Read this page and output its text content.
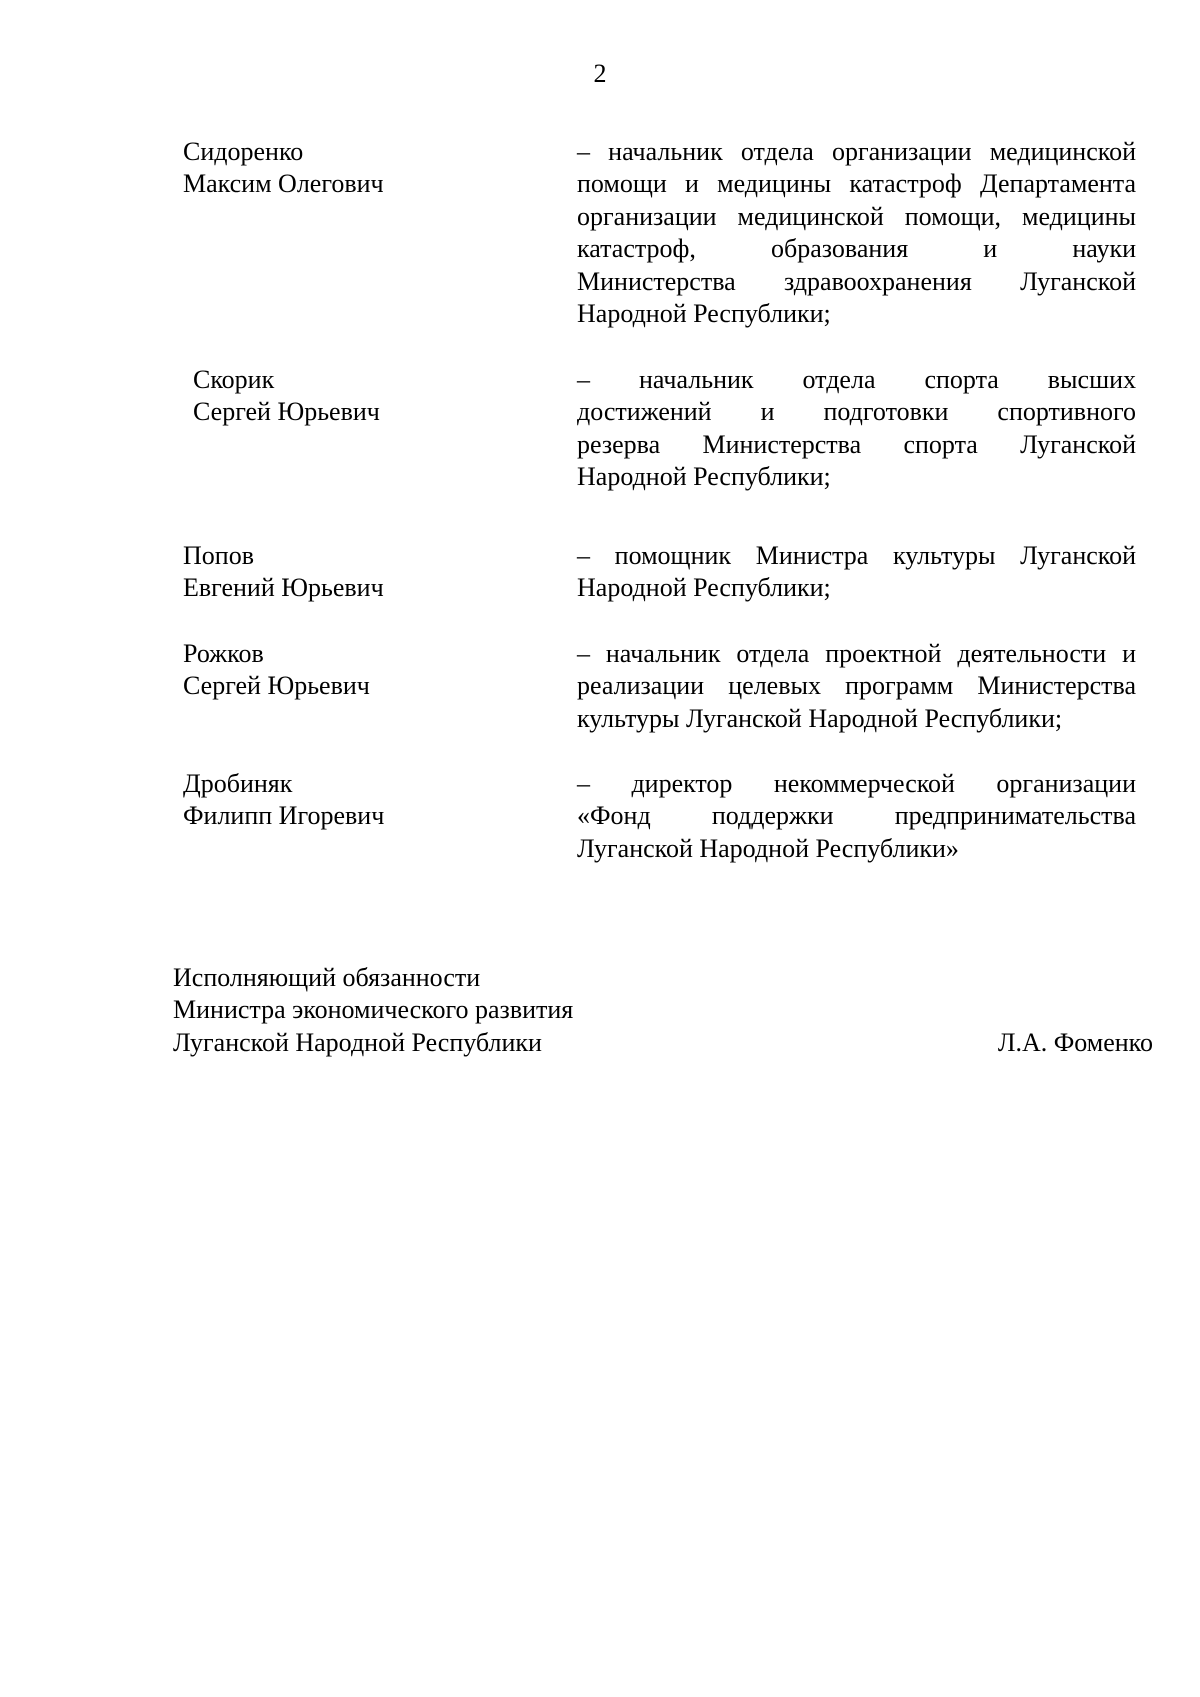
2
Сидоренко
Максим Олегович
– начальник отдела организации медицинской
помощи и медицины катастроф Департамента
организации медицинской помощи, медицины
катастроф, образования и науки
Министерства здравоохранения Луганской
Народной Республики;
Скорик
Сергей Юрьевич
– начальник отдела спорта высших
достижений и подготовки спортивного
резерва Министерства спорта Луганской
Народной Республики;
Попов
Евгений Юрьевич
– помощник Министра культуры Луганской
Народной Республики;
Рожков
Сергей Юрьевич
– начальник отдела проектной деятельности и
реализации целевых программ Министерства
культуры Луганской Народной Республики;
Дробиняк
Филипп Игоревич
– директор некоммерческой организации
«Фонд поддержки предпринимательства
Луганской Народной Республики»
Исполняющий обязанности
Министра экономического развития
Луганской Народной Республики	Л.А. Фоменко
